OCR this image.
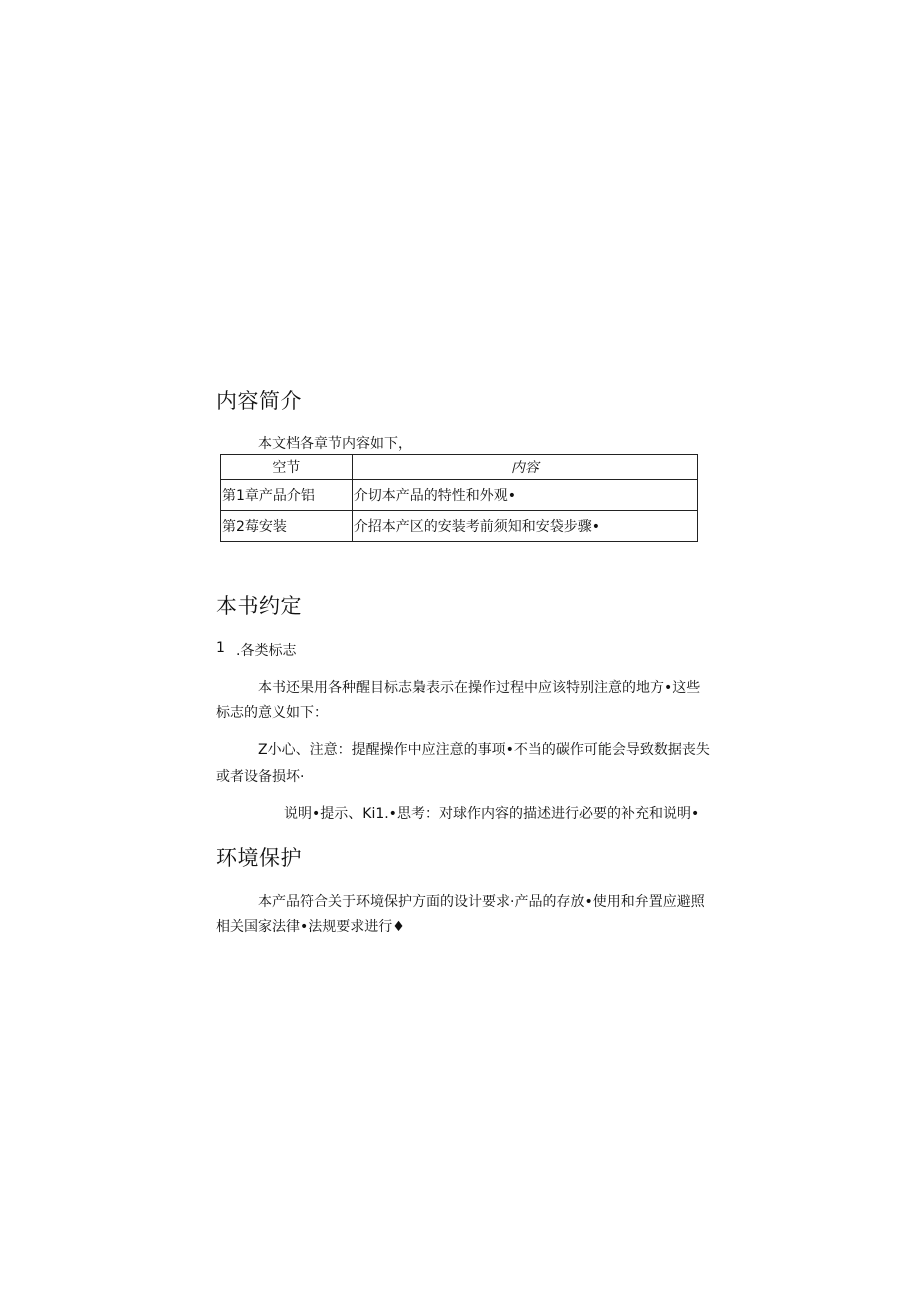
内容简介

本文档各章节内容如下，

空节	内容
第1章产品介铝	介切本产品的特性和外观•
第2莓安装	介招本产区的安装考前须知和安袋步骤•
本书约定

1 .各类标志

本书还果用各种醒目标志梟表示在操作过程中应该特别注意的地方•这些

标志的意义如下：

Z小心、注意：提醒操作中应注意的事项•不当的碳作可能会导致数据丧失

或者设备损坏·

说明•提示、Ki1.•思考：对球作内容的描述进行必要的补充和说明•

环境保护

本产品符合关于环境保护方面的设计要求·产品的存放•使用和弁置应避照

相关国家法律•法规要求进行♦
